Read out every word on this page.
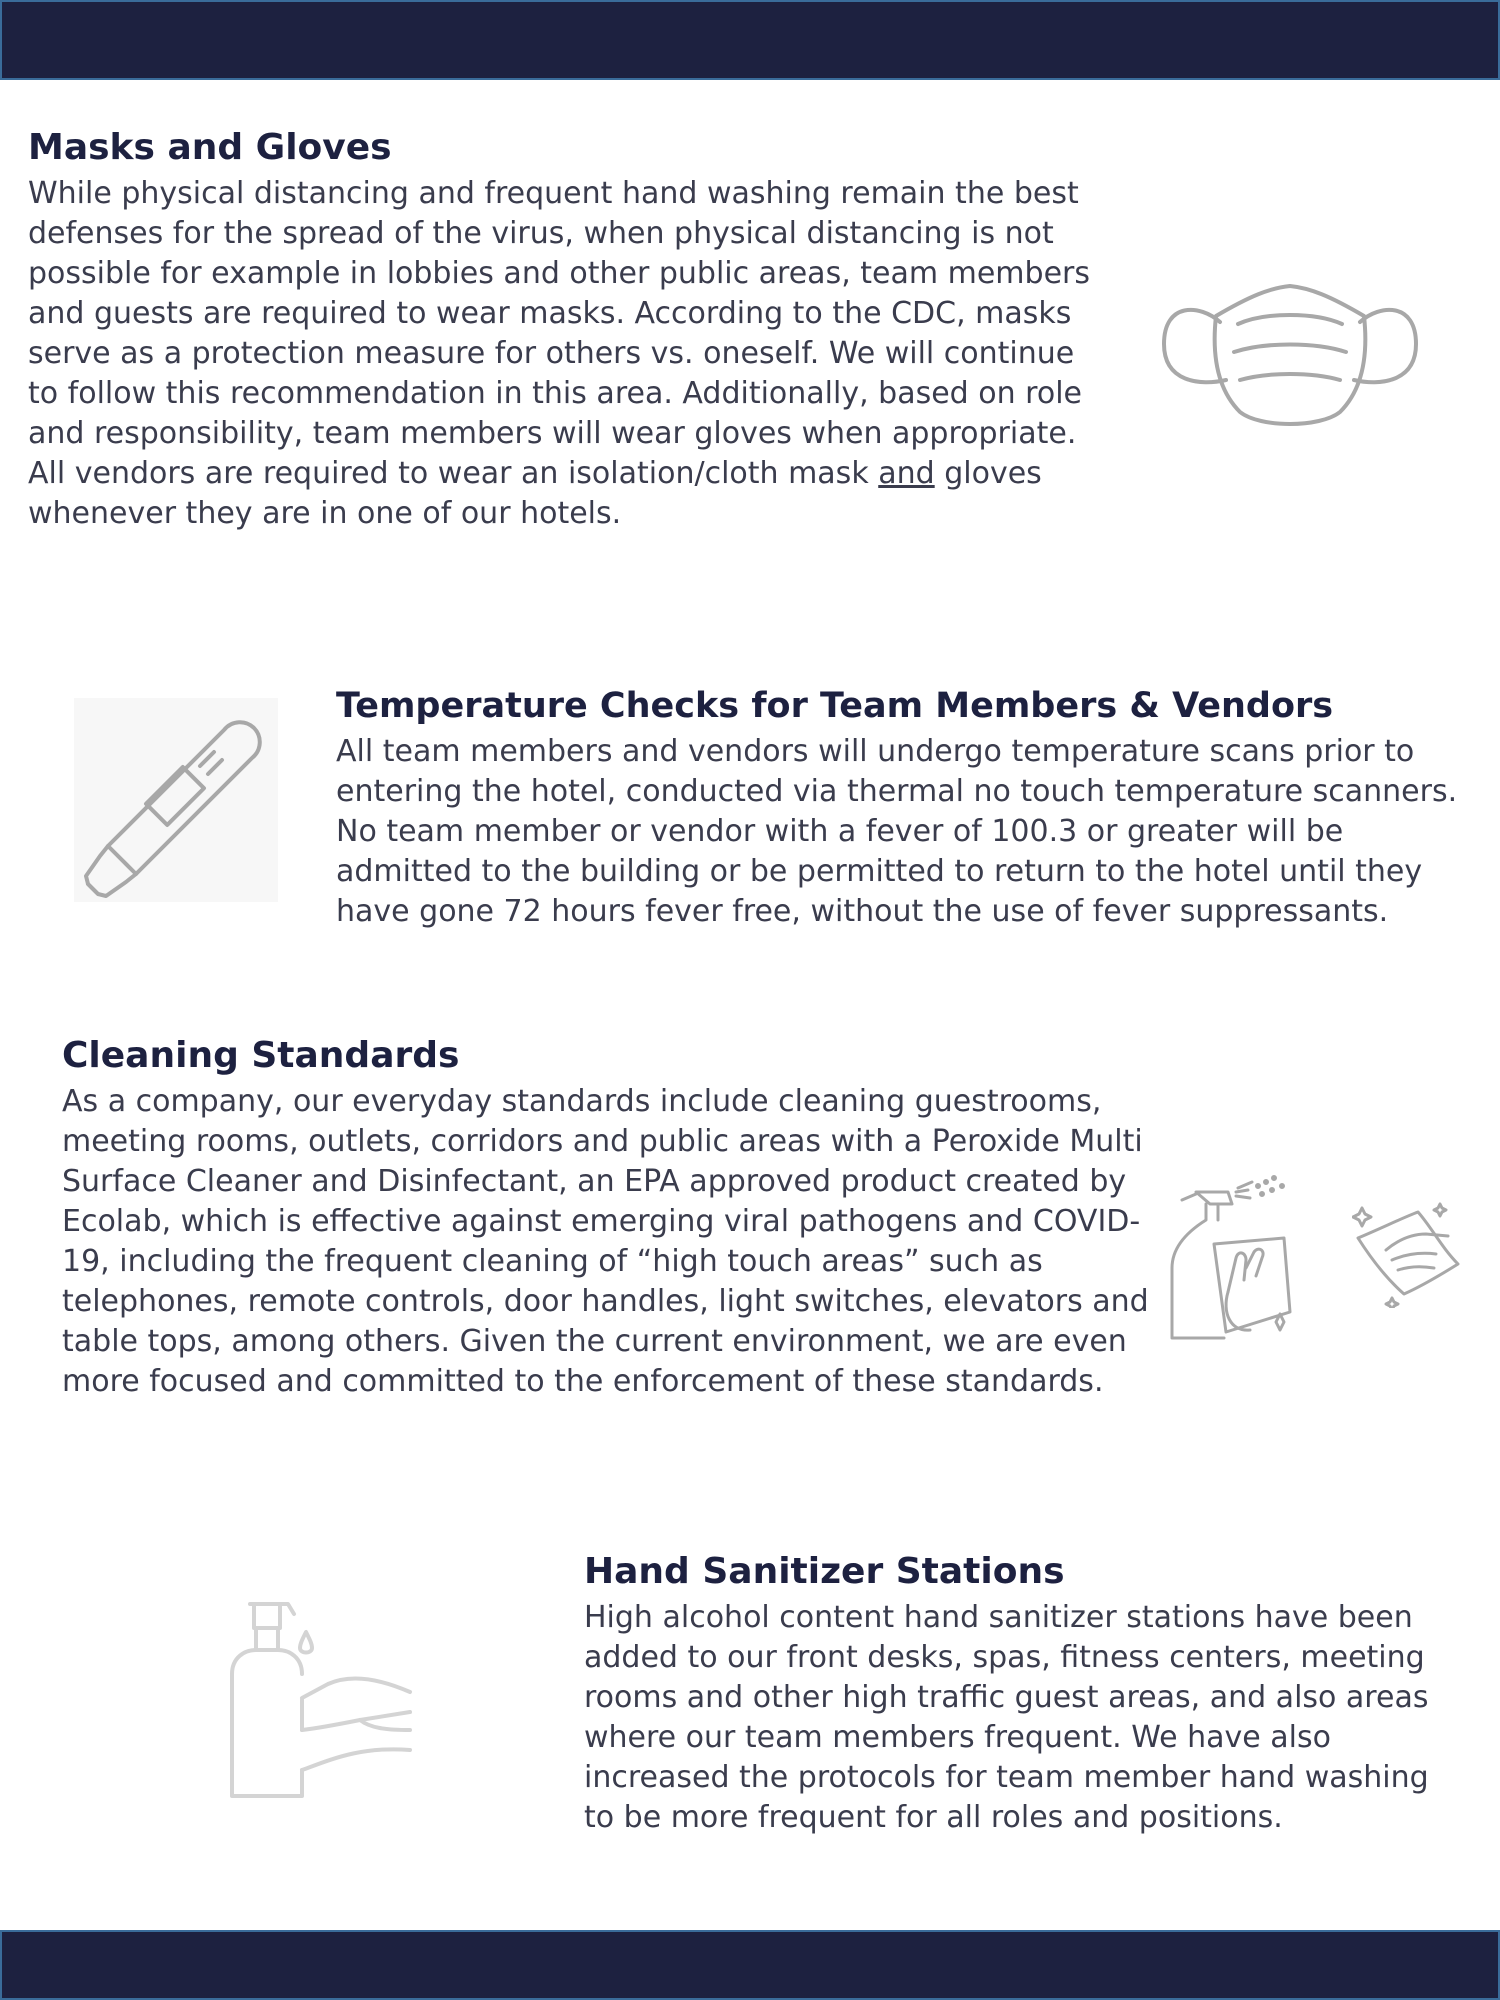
Masks and Gloves

While physical distancing and frequent hand washing remain the best defenses for the spread of the virus, when physical distancing is not possible for example in lobbies and other public areas, team members and guests are required to wear masks. According to the CDC, masks serve as a protection measure for others vs. oneself. We will continue to follow this recommendation in this area. Additionally, based on role and responsibility, team members will wear gloves when appropriate. All vendors are required to wear an isolation/cloth mask and gloves whenever they are in one of our hotels.

Temperature Checks for Team Members & Vendors

All team members and vendors will undergo temperature scans prior to entering the hotel, conducted via thermal no touch temperature scanners. No team member or vendor with a fever of 100.3 or greater will be admitted to the building or be permitted to return to the hotel until they have gone 72 hours fever free, without the use of fever suppressants.

Cleaning Standards

As a company, our everyday standards include cleaning guestrooms, meeting rooms, outlets, corridors and public areas with a Peroxide Multi Surface Cleaner and Disinfectant, an EPA approved product created by Ecolab, which is effective against emerging viral pathogens and COVID-19, including the frequent cleaning of “high touch areas” such as telephones, remote controls, door handles, light switches, elevators and table tops, among others. Given the current environment, we are even more focused and committed to the enforcement of these standards.

Hand Sanitizer Stations

High alcohol content hand sanitizer stations have been added to our front desks, spas, fitness centers, meeting rooms and other high traffic guest areas, and also areas where our team members frequent. We have also increased the protocols for team member hand washing to be more frequent for all roles and positions.
